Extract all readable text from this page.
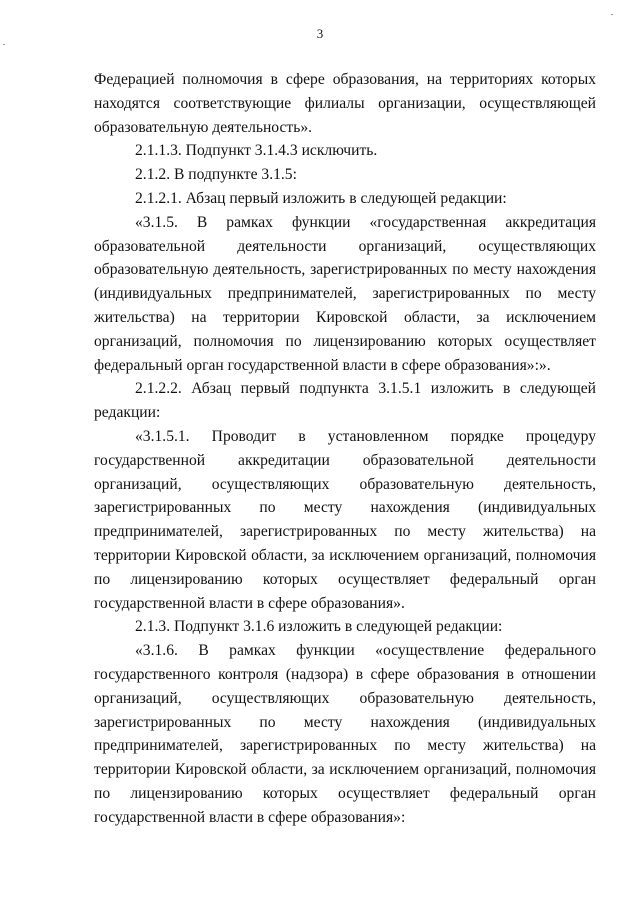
3

Федерацией полномочия в сфере образования, на территориях которых находятся соответствующие филиалы организации, осуществляющей образовательную деятельность».

2.1.1.3. Подпункт 3.1.4.3 исключить.

2.1.2. В подпункте 3.1.5:

2.1.2.1. Абзац первый изложить в следующей редакции:

«3.1.5. В рамках функции «государственная аккредитация образовательной деятельности организаций, осуществляющих образовательную деятельность, зарегистрированных по месту нахождения (индивидуальных предпринимателей, зарегистрированных по месту жительства) на территории Кировской области, за исключением организаций, полномочия по лицензированию которых осуществляет федеральный орган государственной власти в сфере образования»:».

2.1.2.2. Абзац первый подпункта 3.1.5.1 изложить в следующей редакции:

«3.1.5.1. Проводит в установленном порядке процедуру государственной аккредитации образовательной деятельности организаций, осуществляющих образовательную деятельность, зарегистрированных по месту нахождения (индивидуальных предпринимателей, зарегистрированных по месту жительства) на территории Кировской области, за исключением организаций, полномочия по лицензированию которых осуществляет федеральный орган государственной власти в сфере образования».

2.1.3. Подпункт 3.1.6 изложить в следующей редакции:

«3.1.6. В рамках функции «осуществление федерального государственного контроля (надзора) в сфере образования в отношении организаций, осуществляющих образовательную деятельность, зарегистрированных по месту нахождения (индивидуальных предпринимателей, зарегистрированных по месту жительства) на территории Кировской области, за исключением организаций, полномочия по лицензированию которых осуществляет федеральный орган государственной власти в сфере образования»:
